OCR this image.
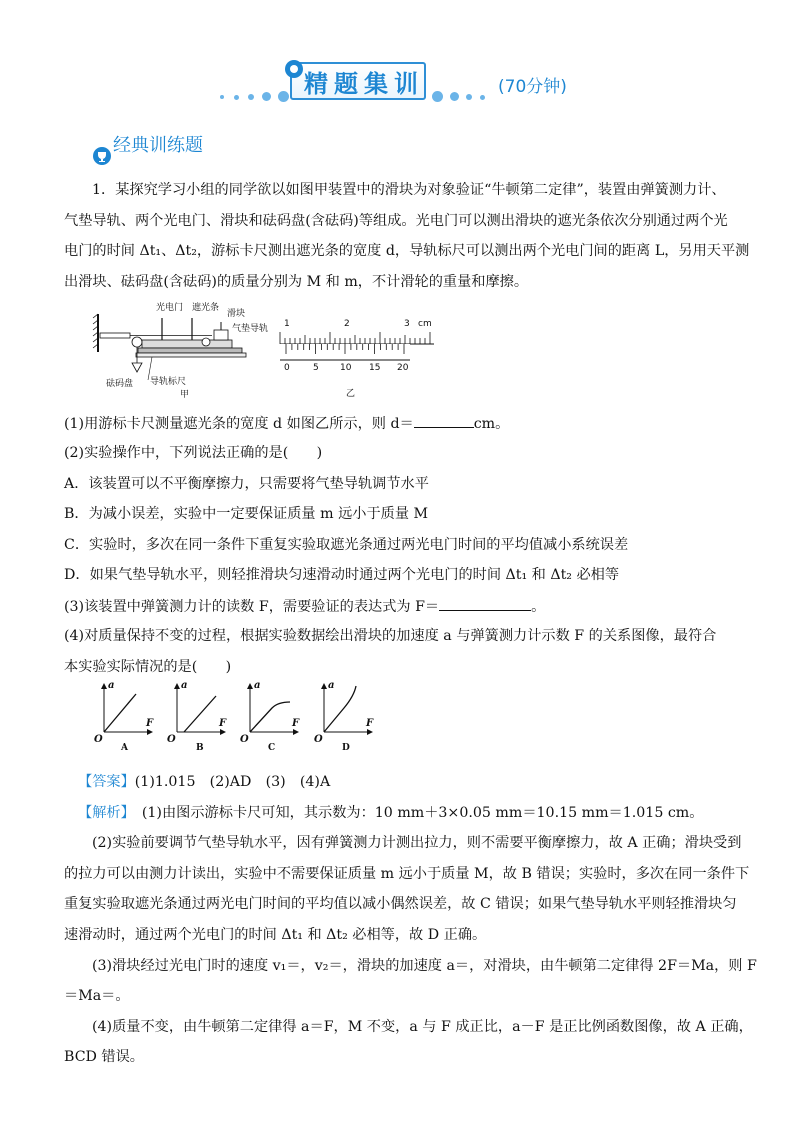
精题集训	(70分钟)
经典训练题
1．某探究学习小组的同学欲以如图甲装置中的滑块为对象验证“牛顿第二定律”，装置由弹簧测力计、
气垫导轨、两个光电门、滑块和砝码盘(含砝码)等组成。光电门可以测出滑块的遮光条依次分别通过两个光
电门的时间 Δt₁、Δt₂，游标卡尺测出遮光条的宽度 d，导轨标尺可以测出两个光电门间的距离 L，另用天平测
出滑块、砝码盘(含砝码)的质量分别为 M 和 m，不计滑轮的重量和摩擦。
光电门 遮光条
滑块
气垫导轨
砝码盘 导轨标尺
甲
1	2	3 cm
0	5 10 15 20
乙
(1)用游标卡尺测量遮光条的宽度 d 如图乙所示，则 d＝	cm。
(2)实验操作中，下列说法正确的是(　　)
A．该装置可以不平衡摩擦力，只需要将气垫导轨调节水平
B．为减小误差，实验中一定要保证质量 m 远小于质量 M
C．实验时，多次在同一条件下重复实验取遮光条通过两光电门时间的平均值减小系统误差
D．如果气垫导轨水平，则轻推滑块匀速滑动时通过两个光电门的时间 Δt₁ 和 Δt₂ 必相等
(3)该装置中弹簧测力计的读数 F，需要验证的表达式为 F＝	。
(4)对质量保持不变的过程，根据实验数据绘出滑块的加速度 a 与弹簧测力计示数 F 的关系图像，最符合
本实验实际情况的是(　　)
a
F
O
A
a
F
O
B
a
F
O
C
a
F
O
D
【答案】(1)1.015　(2)AD　(3)　(4)A
【解析】　(1)由图示游标卡尺可知，其示数为：10 mm＋3×0.05 mm＝10.15 mm＝1.015 cm。
(2)实验前要调节气垫导轨水平，因有弹簧测力计测出拉力，则不需要平衡摩擦力，故 A 正确；滑块受到
的拉力可以由测力计读出，实验中不需要保证质量 m 远小于质量 M，故 B 错误；实验时，多次在同一条件下
重复实验取遮光条通过两光电门时间的平均值以减小偶然误差，故 C 错误；如果气垫导轨水平则轻推滑块匀
速滑动时，通过两个光电门的时间 Δt₁ 和 Δt₂ 必相等，故 D 正确。
(3)滑块经过光电门时的速度 v₁＝，v₂＝，滑块的加速度 a＝，对滑块，由牛顿第二定律得 2F＝Ma，则 F
＝Ma＝。
(4)质量不变，由牛顿第二定律得 a＝F，M 不变，a 与 F 成正比，a－F 是正比例函数图像，故 A 正确，
BCD 错误。
